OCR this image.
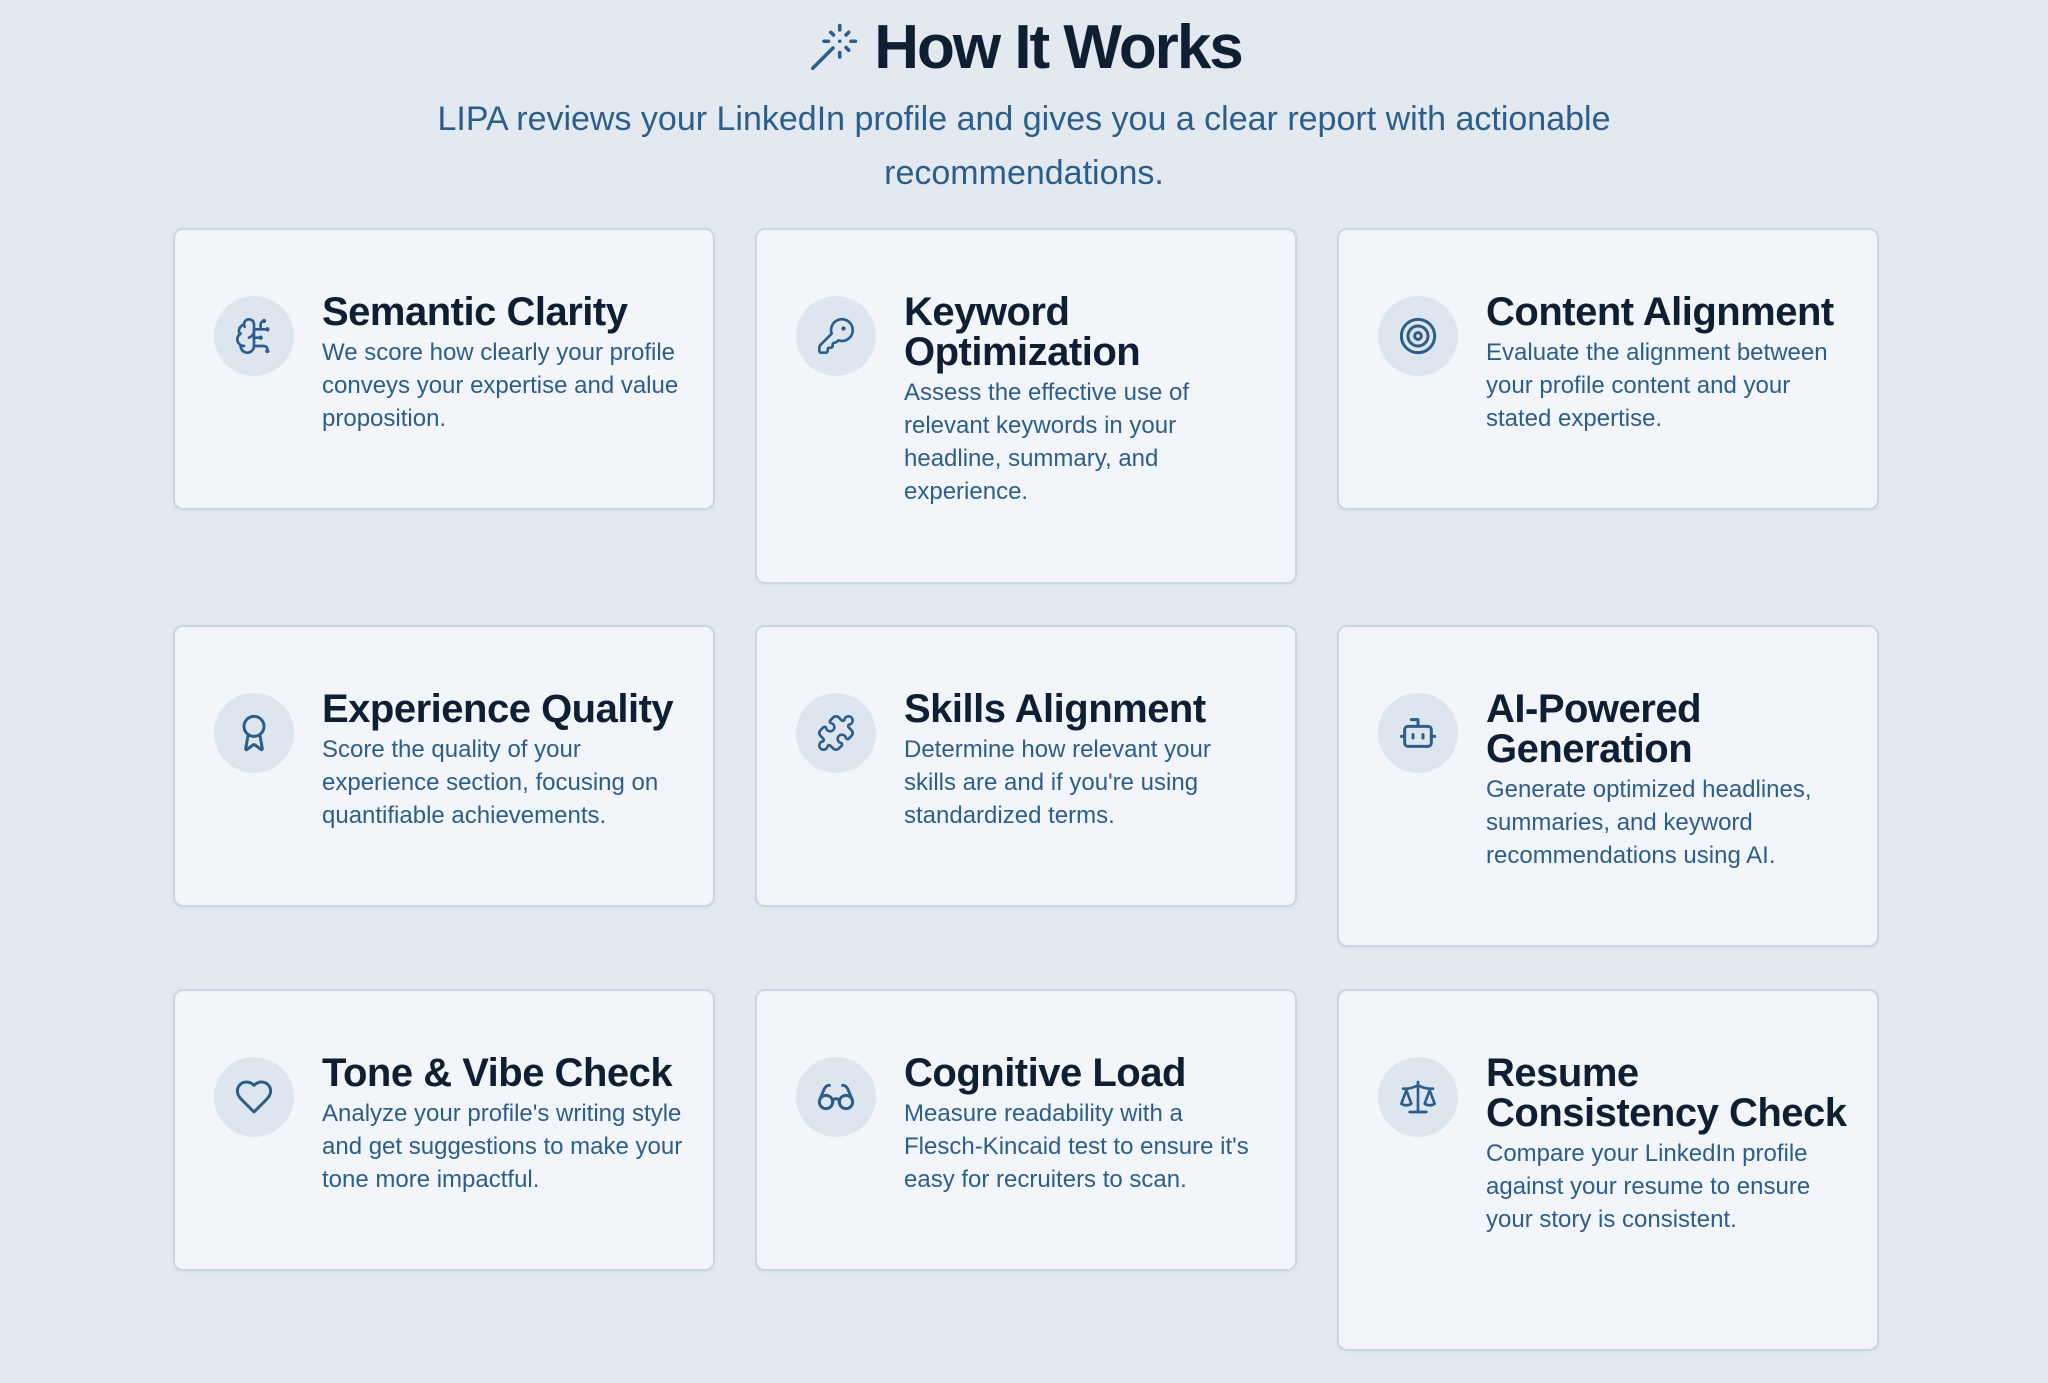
How It Works
LIPA reviews your LinkedIn profile and gives you a clear report with actionable recommendations.
Semantic Clarity

We score how clearly your profile conveys your expertise and value proposition.

Keyword Optimization

Assess the effective use of relevant keywords in your headline, summary, and experience.

Content Alignment

Evaluate the alignment between your profile content and your stated expertise.

Experience Quality

Score the quality of your experience section, focusing on quantifiable achievements.

Skills Alignment

Determine how relevant your skills are and if you're using standardized terms.

AI-Powered Generation

Generate optimized headlines, summaries, and keyword recommendations using AI.

Tone & Vibe Check

Analyze your profile's writing style and get suggestions to make your tone more impactful.

Cognitive Load

Measure readability with a Flesch-Kincaid test to ensure it's easy for recruiters to scan.

Resume Consistency Check

Compare your LinkedIn profile against your resume to ensure your story is consistent.
